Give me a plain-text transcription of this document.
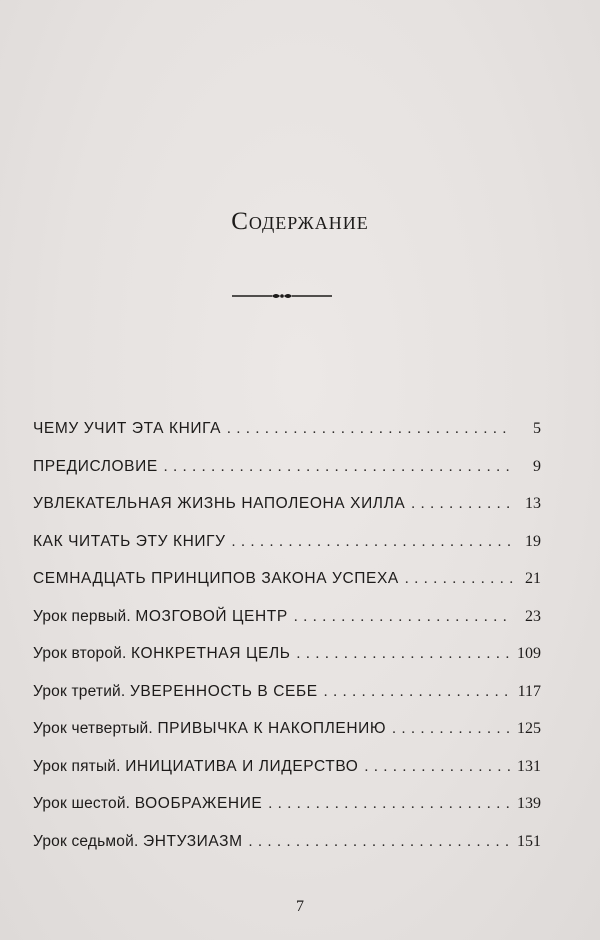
Содержание
ЧЕМУ УЧИТ ЭТА КНИГА . . .	5
ПРЕДИСЛОВИЕ . . .	9
УВЛЕКАТЕЛЬНАЯ ЖИЗНЬ НАПОЛЕОНА ХИЛЛА . . .	13
КАК ЧИТАТЬ ЭТУ КНИГУ . . .	19
СЕМНАДЦАТЬ ПРИНЦИПОВ ЗАКОНА УСПЕХА . . .	21
Урок первый. МОЗГОВОЙ ЦЕНТР . . .	23
Урок второй. КОНКРЕТНАЯ ЦЕЛЬ . . .	109
Урок третий. УВЕРЕННОСТЬ В СЕБЕ . . .	117
Урок четвертый. ПРИВЫЧКА К НАКОПЛЕНИЮ . . .	125
Урок пятый. ИНИЦИАТИВА И ЛИДЕРСТВО . . .	131
Урок шестой. ВООБРАЖЕНИЕ . . .	139
Урок седьмой. ЭНТУЗИАЗМ . . .	151
7
